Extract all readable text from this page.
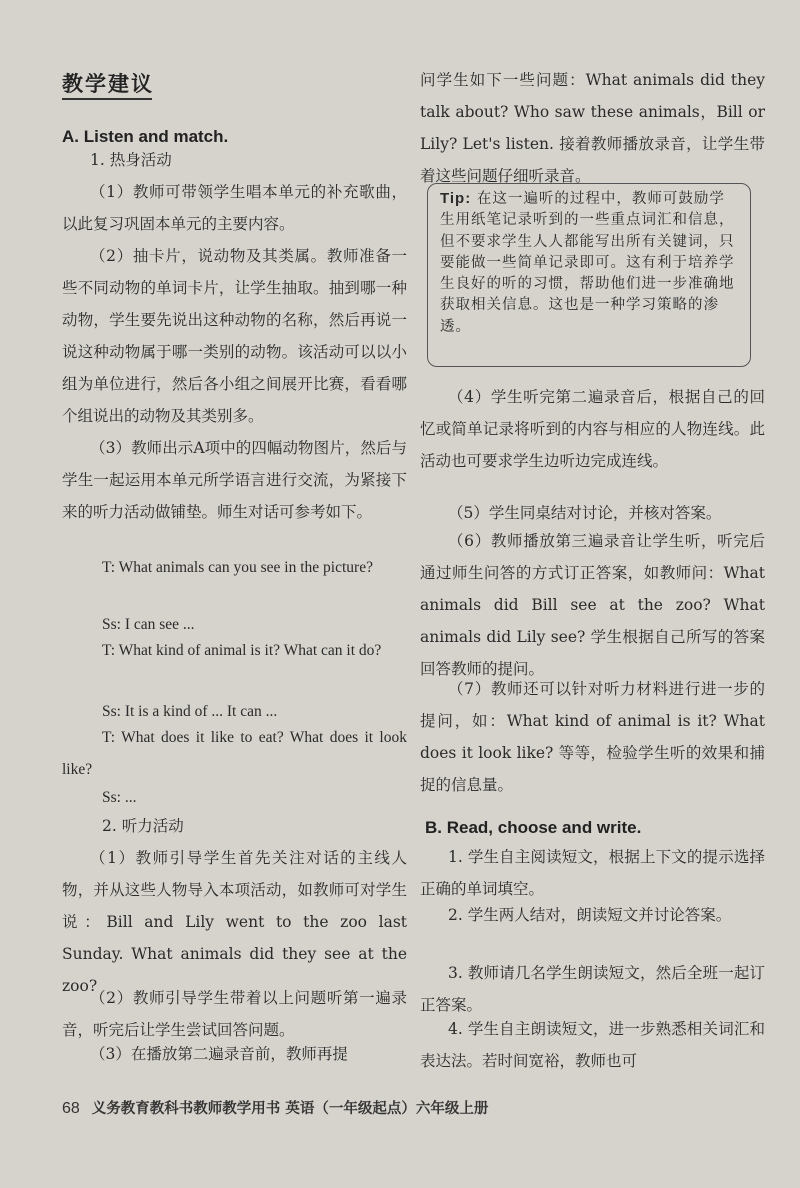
教学建议
A. Listen and match.

1. 热身活动

（1）教师可带领学生唱本单元的补充歌曲，以此复习巩固本单元的主要内容。

（2）抽卡片，说动物及其类属。教师准备一些不同动物的单词卡片，让学生抽取。抽到哪一种动物，学生要先说出这种动物的名称，然后再说一说这种动物属于哪一类别的动物。该活动可以以小组为单位进行，然后各小组之间展开比赛，看看哪个组说出的动物及其类别多。

（3）教师出示A项中的四幅动物图片，然后与学生一起运用本单元所学语言进行交流，为紧接下来的听力活动做铺垫。师生对话可参考如下。

T: What animals can you see in the picture?

Ss: I can see ...

T: What kind of animal is it? What can it do?

Ss: It is a kind of ... It can ...

T: What does it like to eat? What does it look like?

Ss: ...

2. 听力活动

（1）教师引导学生首先关注对话的主线人物，并从这些人物导入本项活动，如教师可对学生说：Bill and Lily went to the zoo last Sunday. What animals did they see at the zoo?

（2）教师引导学生带着以上问题听第一遍录音，听完后让学生尝试回答问题。

（3）在播放第二遍录音前，教师再提

问学生如下一些问题：What animals did they talk about? Who saw these animals，Bill or Lily? Let's listen. 接着教师播放录音，让学生带着这些问题仔细听录音。

Tip: 在这一遍听的过程中，教师可鼓励学生用纸笔记录听到的一些重点词汇和信息，但不要求学生人人都能写出所有关键词，只要能做一些简单记录即可。这有利于培养学生良好的听的习惯，帮助他们进一步准确地获取相关信息。这也是一种学习策略的渗透。

（4）学生听完第二遍录音后，根据自己的回忆或简单记录将听到的内容与相应的人物连线。此活动也可要求学生边听边完成连线。

（5）学生同桌结对讨论，并核对答案。

（6）教师播放第三遍录音让学生听，听完后通过师生问答的方式订正答案，如教师问：What animals did Bill see at the zoo? What animals did Lily see? 学生根据自己所写的答案回答教师的提问。

（7）教师还可以针对听力材料进行进一步的提问，如：What kind of animal is it? What does it look like? 等等，检验学生听的效果和捕捉的信息量。

B. Read, choose and write.

1. 学生自主阅读短文，根据上下文的提示选择正确的单词填空。

2. 学生两人结对，朗读短文并讨论答案。

3. 教师请几名学生朗读短文，然后全班一起订正答案。

4. 学生自主朗读短文，进一步熟悉相关词汇和表达法。若时间宽裕，教师也可

68 义务教育教科书教师教学用书 英语（一年级起点）六年级上册
